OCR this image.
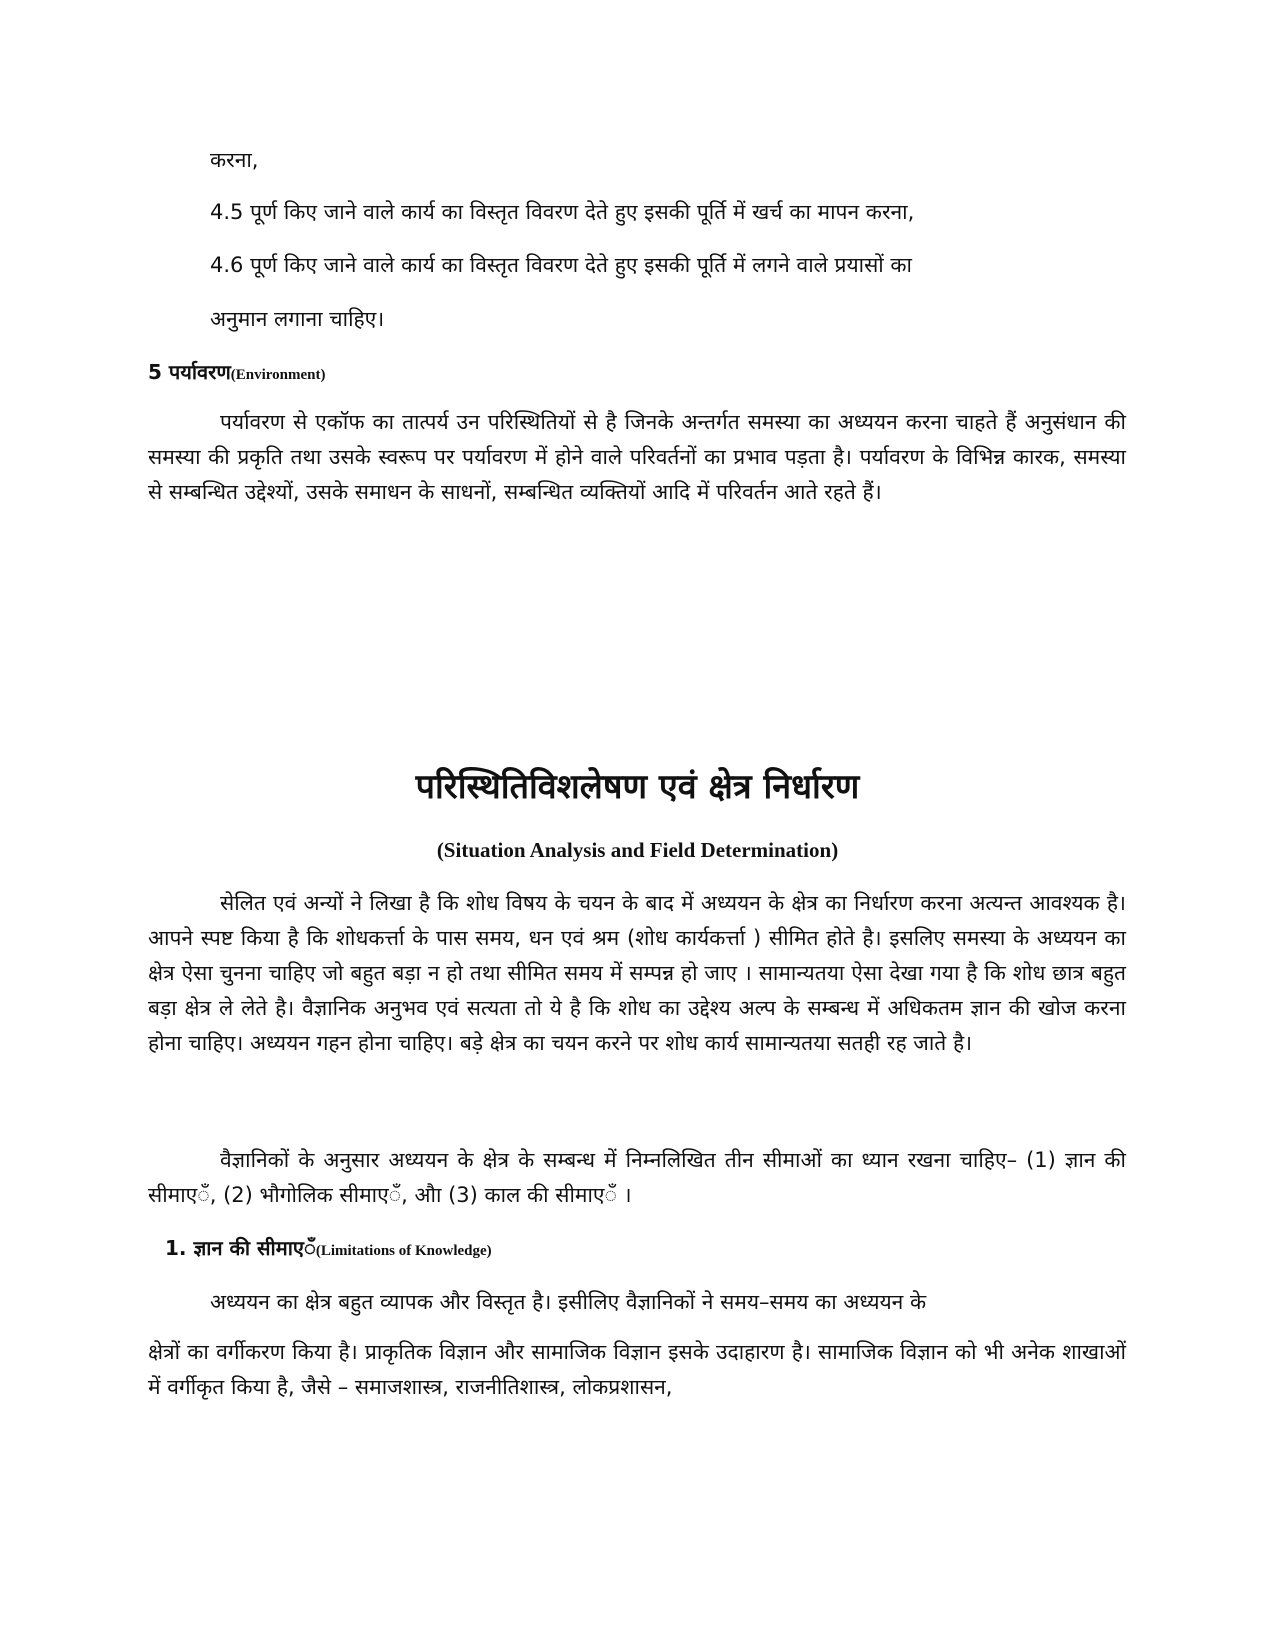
करना,
4.5 पूर्ण किए जाने वाले कार्य का विस्तृत विवरण देते हुए इसकी पूर्ति में खर्च का मापन करना,
4.6 पूर्ण किए जाने वाले कार्य का विस्तृत विवरण देते हुए इसकी पूर्ति में लगने वाले प्रयासों का
अनुमान लगाना चाहिए।
5 पर्यावरण(Environment)
पर्यावरण से एकॉफ का तात्पर्य उन परिस्थितियों से है जिनके अन्तर्गत समस्या का अध्ययन करना चाहते हैं अनुसंधान की समस्या की प्रकृति तथा उसके स्वरूप पर पर्यावरण में होने वाले परिवर्तनों का प्रभाव पड़ता है। पर्यावरण के विभिन्न कारक, समस्या से सम्बन्धित उद्देश्यों, उसके समाधन के साधनों, सम्बन्धित व्यक्तियों आदि में परिवर्तन आते रहते हैं।
परिस्थितिविशलेषण एवं क्षेत्र निर्धारण
(Situation Analysis and Field Determination)
सेलित एवं अन्यों ने लिखा है कि शोध विषय के चयन के बाद में अध्ययन के क्षेत्र का निर्धारण करना अत्यन्त आवश्यक है। आपने स्पष्ट किया है कि शोधकर्त्ता के पास समय, धन एवं श्रम (शोध कार्यकर्त्ता ) सीमित होते है। इसलिए समस्या के अध्ययन का क्षेत्र ऐसा चुनना चाहिए जो बहुत बड़ा न हो तथा सीमित समय में सम्पन्न हो जाए । सामान्यतया ऐसा देखा गया है कि शोध छात्र बहुत बड़ा क्षेत्र ले लेते है। वैज्ञानिक अनुभव एवं सत्यता तो ये है कि शोध का उद्देश्य अल्प के सम्बन्ध में अधिकतम ज्ञान की खोज करना होना चाहिए। अध्ययन गहन होना चाहिए। बड़े क्षेत्र का चयन करने पर शोध कार्य सामान्यतया सतही रह जाते है।
वैज्ञानिकों के अनुसार अध्ययन के क्षेत्र के सम्बन्ध में निम्नलिखित तीन सीमाओं का ध्यान रखना चाहिए– (1) ज्ञान की सीमाएॅं, (2) भौगोलिक सीमाएॅं, औा (3) काल की सीमाएॅं ।
1. ज्ञान की सीमाएॅं(Limitations of Knowledge)
अध्ययन का क्षेत्र बहुत व्यापक और विस्तृत है। इसीलिए वैज्ञानिकों ने समय–समय का अध्ययन के
क्षेत्रों का वर्गीकरण किया है। प्राकृतिक विज्ञान और सामाजिक विज्ञान इसके उदाहारण है। सामाजिक विज्ञान को भी अनेक शाखाओं में वर्गीकृत किया है, जैसे – समाजशास्त्र, राजनीतिशास्त्र, लोकप्रशासन,
